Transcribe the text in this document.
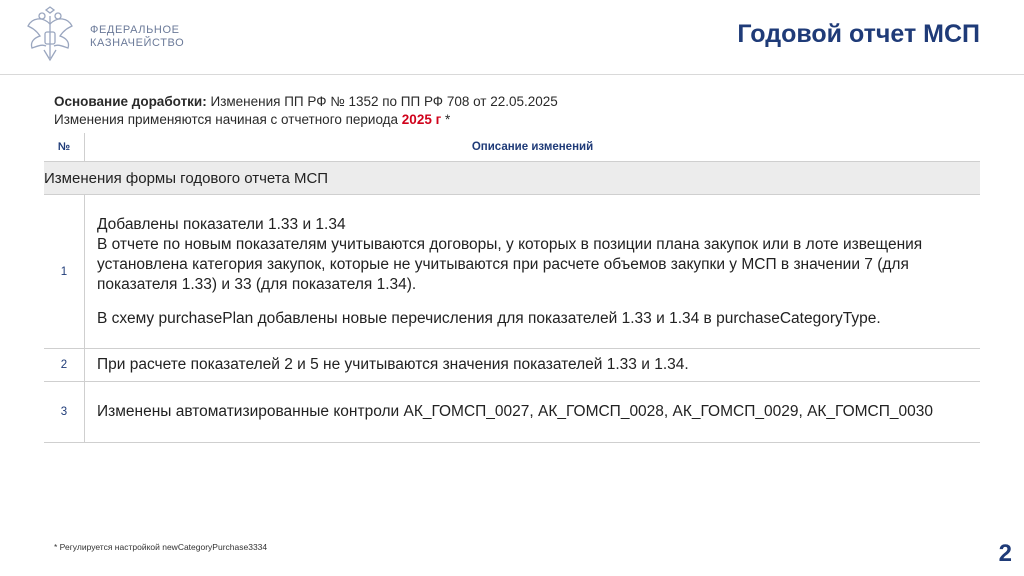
ФЕДЕРАЛЬНОЕ
КАЗНАЧЕЙСТВО	Годовой отчет МСП
Основание доработки: Изменения ПП РФ № 1352 по ПП РФ 708 от 22.05.2025
Изменения применяются начиная с отчетного периода 2025 г *
№	Описание изменений
Изменения формы годового отчета МСП	
1	Добавлены показатели 1.33 и 1.34

В отчете по новым показателям учитываются договоры, у которых в позиции плана закупок или в лоте извещения установлена категория закупок, которые не учитываются при расчете объемов закупки у МСП в значении 7 (для показателя 1.33) и 33 (для показателя 1.34).

В схему purchasePlan добавлены новые перечисления для показателей 1.33 и 1.34 в purchaseCategoryType.

2	При расчете показателей 2 и 5 не учитываются значения показателей 1.33 и 1.34.

3	Изменены автоматизированные контроли АК_ГОМСП_0027, АК_ГОМСП_0028, АК_ГОМСП_0029, АК_ГОМСП_0030

* Регулируется настройкой newCategoryPurchase3334	2
